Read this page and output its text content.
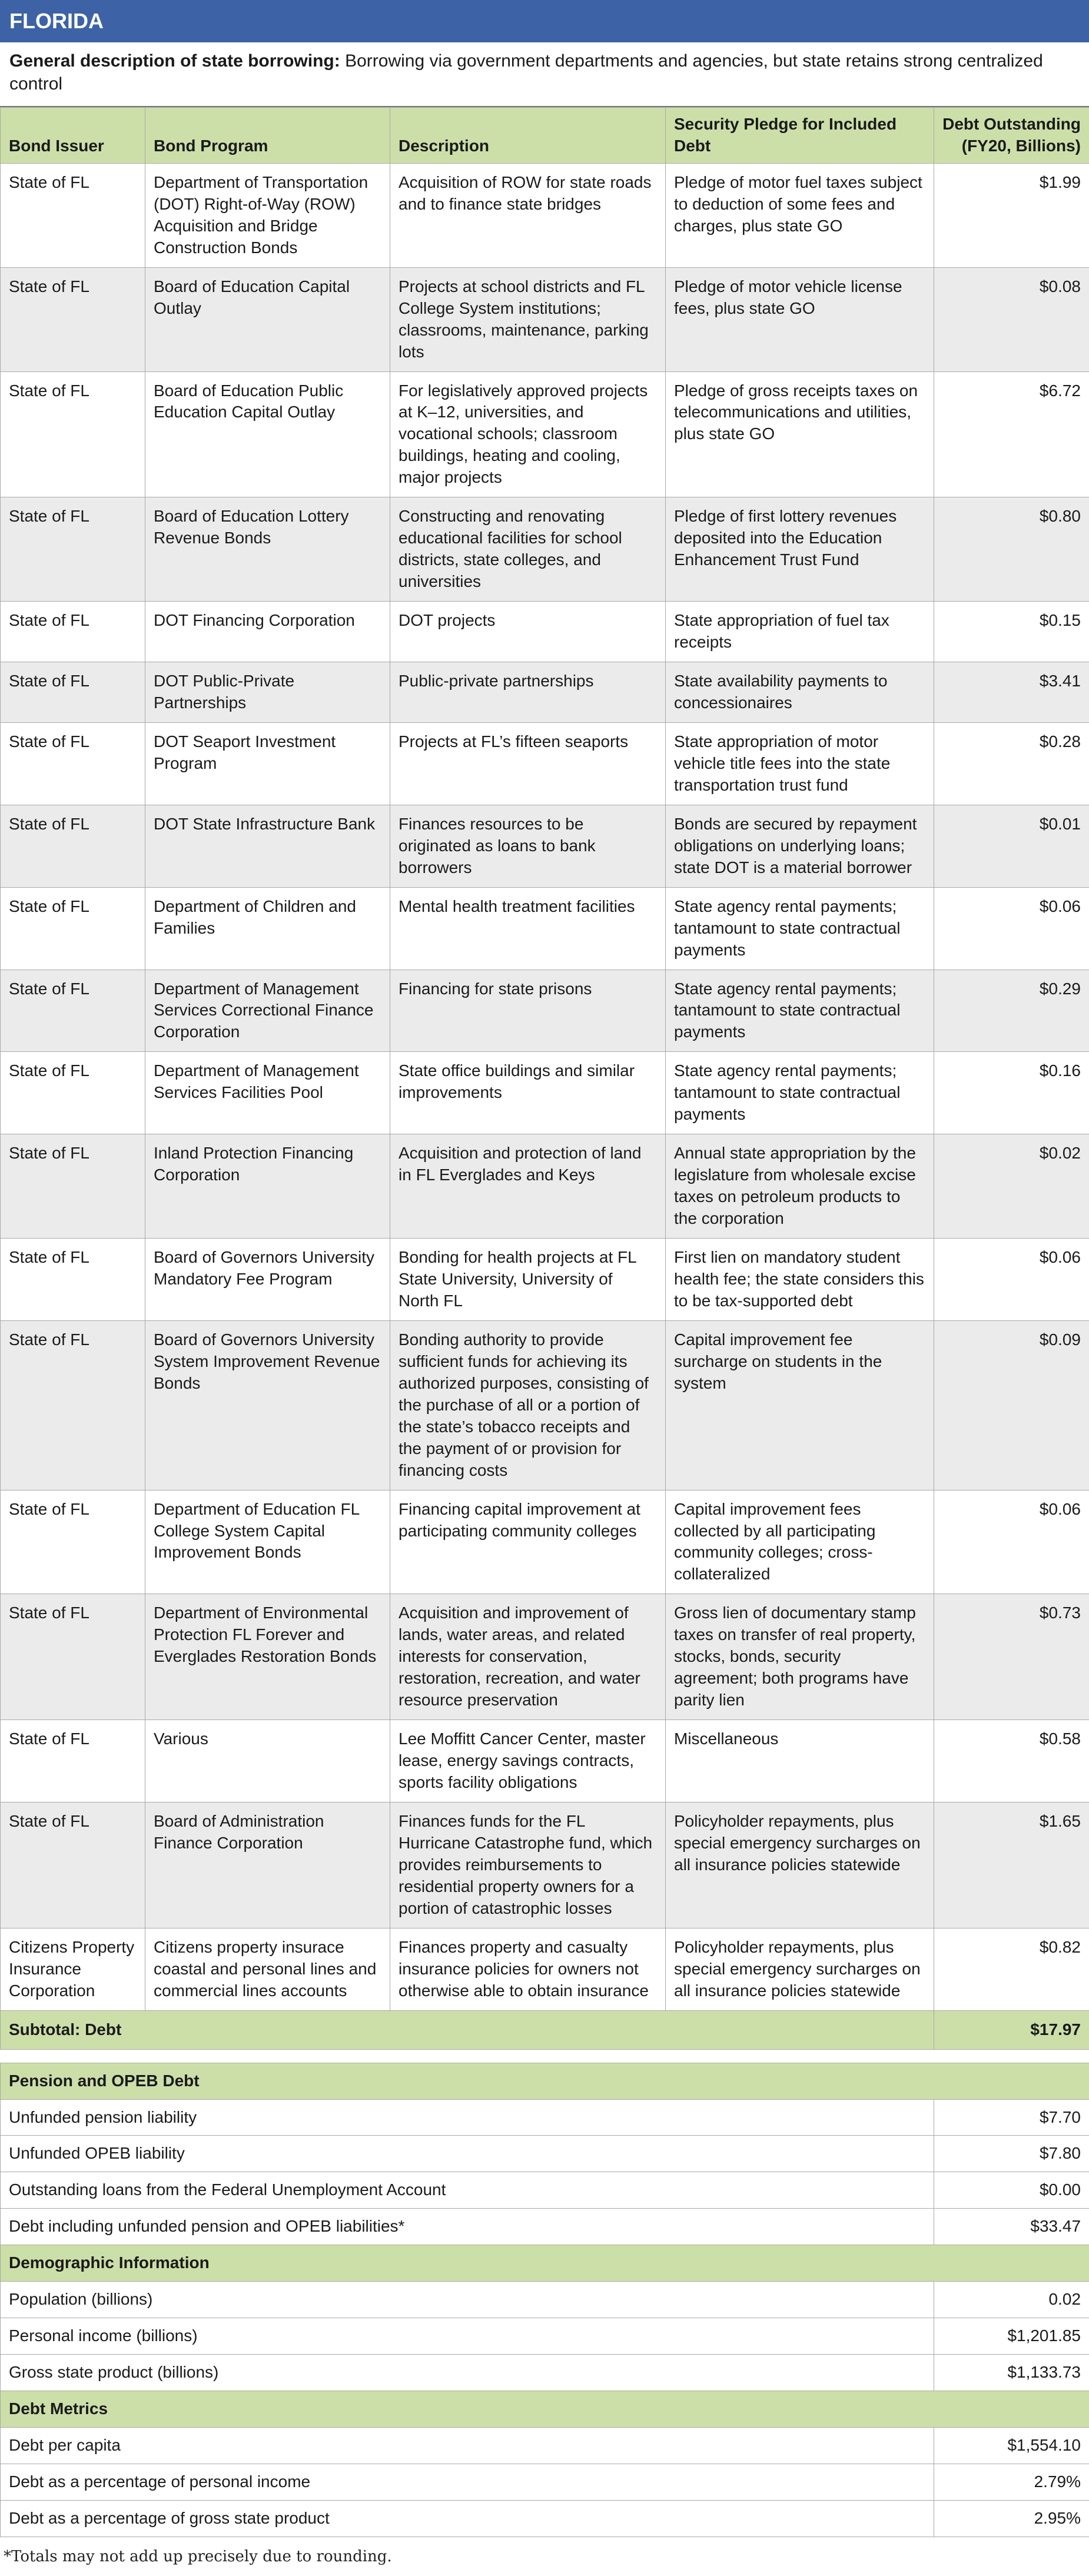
FLORIDA
General description of state borrowing: Borrowing via government departments and agencies, but state retains strong centralized control
Bond Issuer	Bond Program	Description	Security Pledge for Included Debt	Debt Outstanding (FY20, Billions)
State of FL	Department of Transportation (DOT) Right-of-Way (ROW) Acquisition and Bridge Construction Bonds	Acquisition of ROW for state roads and to finance state bridges	Pledge of motor fuel taxes subject to deduction of some fees and charges, plus state GO	$1.99
State of FL	Board of Education Capital Outlay	Projects at school districts and FL College System institutions; classrooms, maintenance, parking lots	Pledge of motor vehicle license fees, plus state GO	$0.08
State of FL	Board of Education Public Education Capital Outlay	For legislatively approved projects at K–12, universities, and vocational schools; classroom buildings, heating and cooling, major projects	Pledge of gross receipts taxes on telecommunications and utilities, plus state GO	$6.72
State of FL	Board of Education Lottery Revenue Bonds	Constructing and renovating educational facilities for school districts, state colleges, and universities	Pledge of first lottery revenues deposited into the Education Enhancement Trust Fund	$0.80
State of FL	DOT Financing Corporation	DOT projects	State appropriation of fuel tax receipts	$0.15
State of FL	DOT Public-Private Partnerships	Public-private partnerships	State availability payments to concessionaires	$3.41
State of FL	DOT Seaport Investment Program	Projects at FL’s fifteen seaports	State appropriation of motor vehicle title fees into the state transportation trust fund	$0.28
State of FL	DOT State Infrastructure Bank	Finances resources to be originated as loans to bank borrowers	Bonds are secured by repayment obligations on underlying loans; state DOT is a material borrower	$0.01
State of FL	Department of Children and Families	Mental health treatment facilities	State agency rental payments; tantamount to state contractual payments	$0.06
State of FL	Department of Management Services Correctional Finance Corporation	Financing for state prisons	State agency rental payments; tantamount to state contractual payments	$0.29
State of FL	Department of Management Services Facilities Pool	State office buildings and similar improvements	State agency rental payments; tantamount to state contractual payments	$0.16
State of FL	Inland Protection Financing Corporation	Acquisition and protection of land in FL Everglades and Keys	Annual state appropriation by the legislature from wholesale excise taxes on petroleum products to the corporation	$0.02
State of FL	Board of Governors University Mandatory Fee Program	Bonding for health projects at FL State University, University of North FL	First lien on mandatory student health fee; the state considers this to be tax-supported debt	$0.06
State of FL	Board of Governors University System Improvement Revenue Bonds	Bonding authority to provide sufficient funds for achieving its authorized purposes, consisting of the purchase of all or a portion of the state’s tobacco receipts and the payment of or provision for financing costs	Capital improvement fee surcharge on students in the system	$0.09
State of FL	Department of Education FL College System Capital Improvement Bonds	Financing capital improvement at participating community colleges	Capital improvement fees collected by all participating community colleges; cross-collateralized	$0.06
State of FL	Department of Environmental Protection FL Forever and Everglades Restoration Bonds	Acquisition and improvement of lands, water areas, and related interests for conservation, restoration, recreation, and water resource preservation	Gross lien of documentary stamp taxes on transfer of real property, stocks, bonds, security agreement; both programs have parity lien	$0.73
State of FL	Various	Lee Moffitt Cancer Center, master lease, energy savings contracts, sports facility obligations	Miscellaneous	$0.58
State of FL	Board of Administration Finance Corporation	Finances funds for the FL Hurricane Catastrophe fund, which provides reimbursements to residential property owners for a portion of catastrophic losses	Policyholder repayments, plus special emergency surcharges on all insurance policies statewide	$1.65
Citizens Property Insurance Corporation	Citizens property insurace coastal and personal lines and commercial lines accounts	Finances property and casualty insurance policies for owners not otherwise able to obtain insurance	Policyholder repayments, plus special emergency surcharges on all insurance policies statewide	$0.82
Subtotal: Debt				$17.97
Pension and OPEB Debt	
Unfunded pension liability	$7.70
Unfunded OPEB liability	$7.80
Outstanding loans from the Federal Unemployment Account	$0.00
Debt including unfunded pension and OPEB liabilities*	$33.47
Demographic Information	
Population (billions)	0.02
Personal income (billions)	$1,201.85
Gross state product (billions)	$1,133.73
Debt Metrics	
Debt per capita	$1,554.10
Debt as a percentage of personal income	2.79%
Debt as a percentage of gross state product	2.95%
*Totals may not add up precisely due to rounding.
